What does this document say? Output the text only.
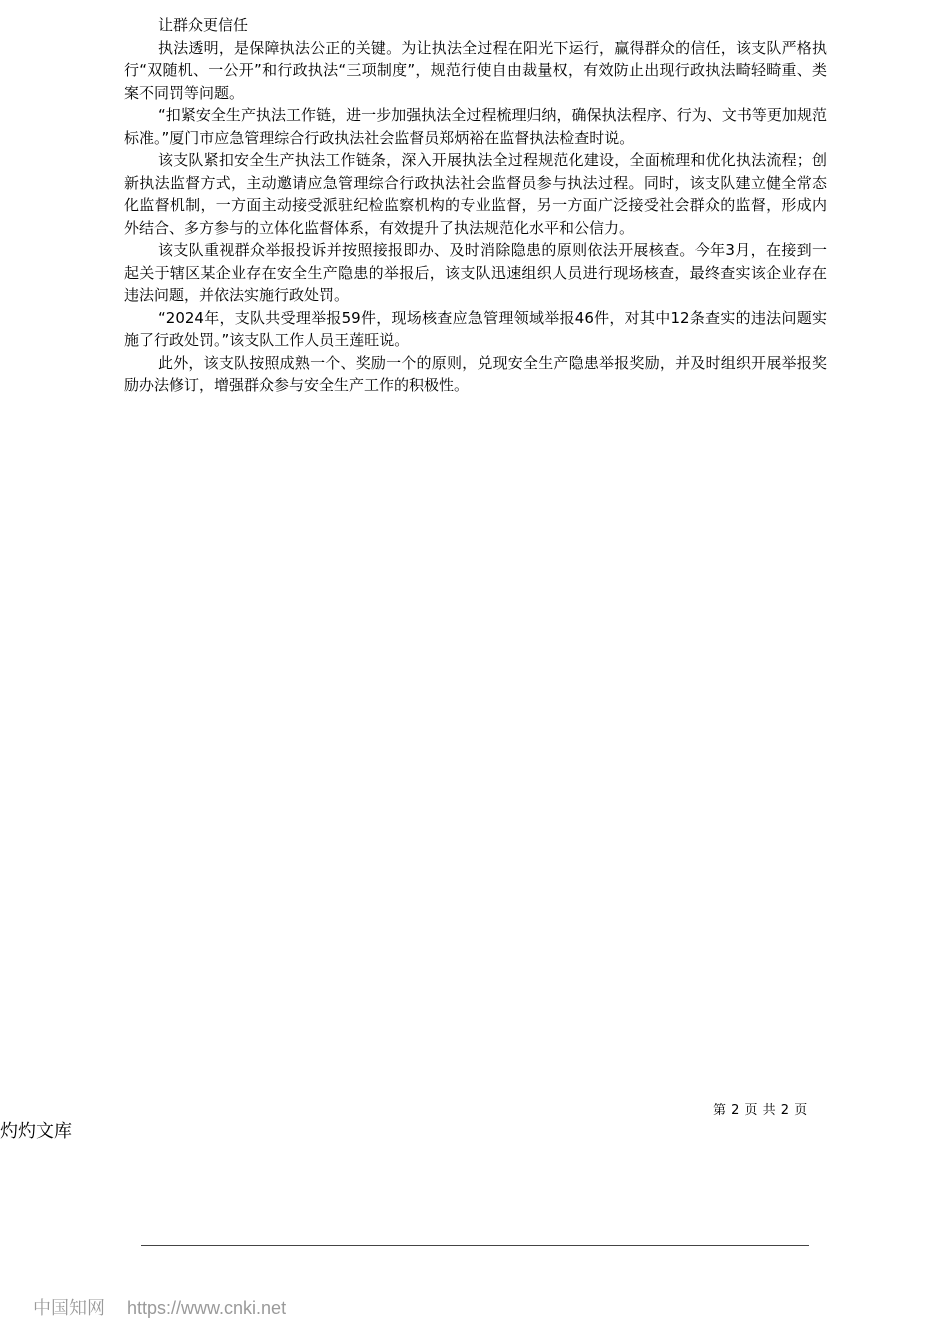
让群众更信任

执法透明，是保障执法公正的关键。为让执法全过程在阳光下运行，赢得群众的信任，该支队严格执行“双随机、一公开”和行政执法“三项制度”，规范行使自由裁量权，有效防止出现行政执法畸轻畸重、类案不同罚等问题。

“扣紧安全生产执法工作链，进一步加强执法全过程梳理归纳，确保执法程序、行为、文书等更加规范标准。”厦门市应急管理综合行政执法社会监督员郑炳裕在监督执法检查时说。

该支队紧扣安全生产执法工作链条，深入开展执法全过程规范化建设，全面梳理和优化执法流程；创新执法监督方式，主动邀请应急管理综合行政执法社会监督员参与执法过程。同时，该支队建立健全常态化监督机制，一方面主动接受派驻纪检监察机构的专业监督，另一方面广泛接受社会群众的监督，形成内外结合、多方参与的立体化监督体系，有效提升了执法规范化水平和公信力。

该支队重视群众举报投诉并按照接报即办、及时消除隐患的原则依法开展核查。今年3月，在接到一起关于辖区某企业存在安全生产隐患的举报后，该支队迅速组织人员进行现场核查，最终查实该企业存在违法问题，并依法实施行政处罚。

“2024年，支队共受理举报59件，现场核查应急管理领域举报46件，对其中12条查实的违法问题实施了行政处罚。”该支队工作人员王莲旺说。

此外，该支队按照成熟一个、奖励一个的原则，兑现安全生产隐患举报奖励，并及时组织开展举报奖励办法修订，增强群众参与安全生产工作的积极性。

第 2 页 共 2 页
灼灼文库
中国知网 https://www.cnki.net
